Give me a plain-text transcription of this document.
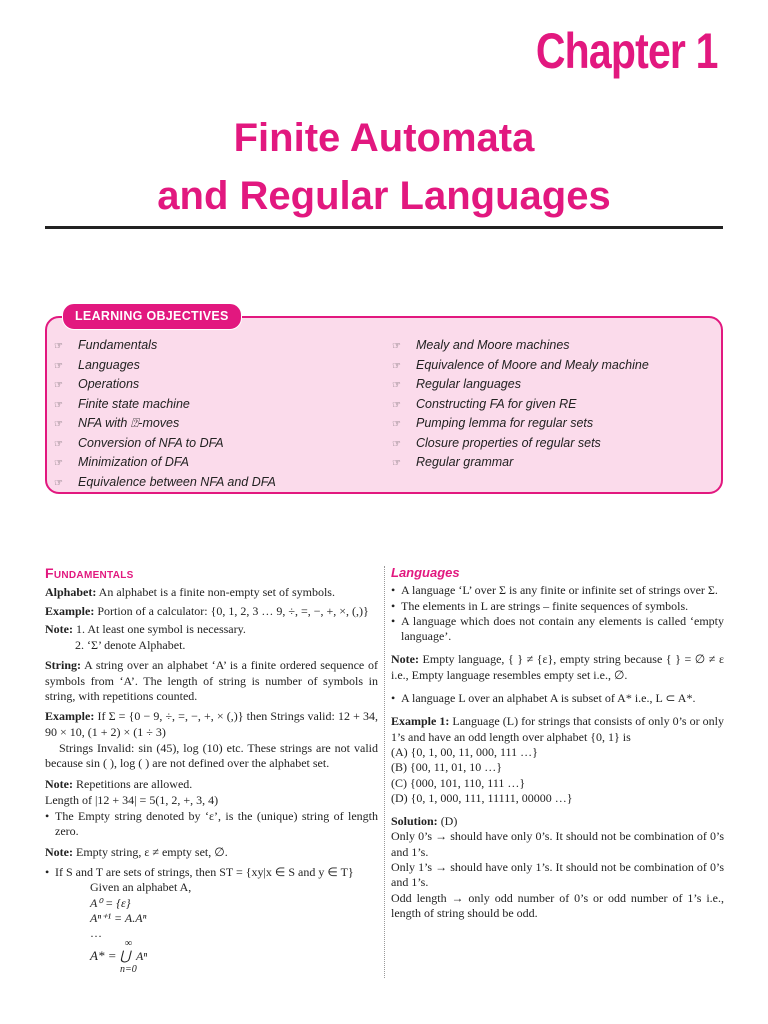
Chapter 1
Finite Automata
and Regular Languages
LEARNING OBJECTIVES
☞ Fundamentals
☞ Languages
☞ Operations
☞ Finite state machine
☞ NFA with ⍰-moves
☞ Conversion of NFA to DFA
☞ Minimization of DFA
☞ Equivalence between NFA and DFA
☞ Mealy and Moore machines
☞ Equivalence of Moore and Mealy machine
☞ Regular languages
☞ Constructing FA for given RE
☞ Pumping lemma for regular sets
☞ Closure properties of regular sets
☞ Regular grammar
Fundamentals

Alphabet: An alphabet is a finite non-empty set of symbols.

Example: Portion of a calculator: {0, 1, 2, 3 … 9, ÷, =, −, +, ×, (,)}

Note: 1. At least one symbol is necessary.

2. ‘Σ’ denote Alphabet.

String: A string over an alphabet ‘A’ is a finite ordered sequence of symbols from ‘A’. The length of string is number of symbols in string, with repetitions counted.

Example: If Σ = {0 − 9, ÷, =, −, +, × (,)} then Strings valid: 12 + 34, 90 × 10, (1 + 2) × (1 ÷ 3)

Strings Invalid: sin (45), log (10) etc. These strings are not valid because sin ( ), log ( ) are not defined over the alphabet set.

Note: Repetitions are allowed.

Length of |12 + 34| = 5(1, 2, +, 3, 4)

• The Empty string denoted by ‘ε’, is the (unique) string of length zero.

Note: Empty string, ε ≠ empty set, ∅.

• If S and T are sets of strings, then ST = {xy|x ∈ S and y ∈ T}
Given an alphabet A,
A⁰ = {ε}
Aⁿ⁺¹ = A.Aⁿ
…
∞
A* = ⋃ Aⁿ
n=0
Languages
• A language ‘L’ over Σ is any finite or infinite set of strings over Σ.
• The elements in L are strings – finite sequences of symbols.
• A language which does not contain any elements is called ‘empty language’.

Note: Empty language, { } ≠ {ε}, empty string because { } = ∅ ≠ ε i.e., Empty language resembles empty set i.e., ∅.

• A language L over an alphabet A is subset of A* i.e., L ⊂ A*.

Example 1: Language (L) for strings that consists of only 0’s or only 1’s and have an odd length over alphabet {0, 1} is

(A) {0, 1, 00, 11, 000, 111 …}
(B) {00, 11, 01, 10 …}
(C) {000, 101, 110, 111 …}
(D) {0, 1, 000, 111, 11111, 00000 …}

Solution: (D)

Only 0’s → should have only 0’s. It should not be combination of 0’s and 1’s.

Only 1’s → should have only 1’s. It should not be combination of 0’s and 1’s.

Odd length → only odd number of 0’s or odd number of 1’s i.e., length of string should be odd.
